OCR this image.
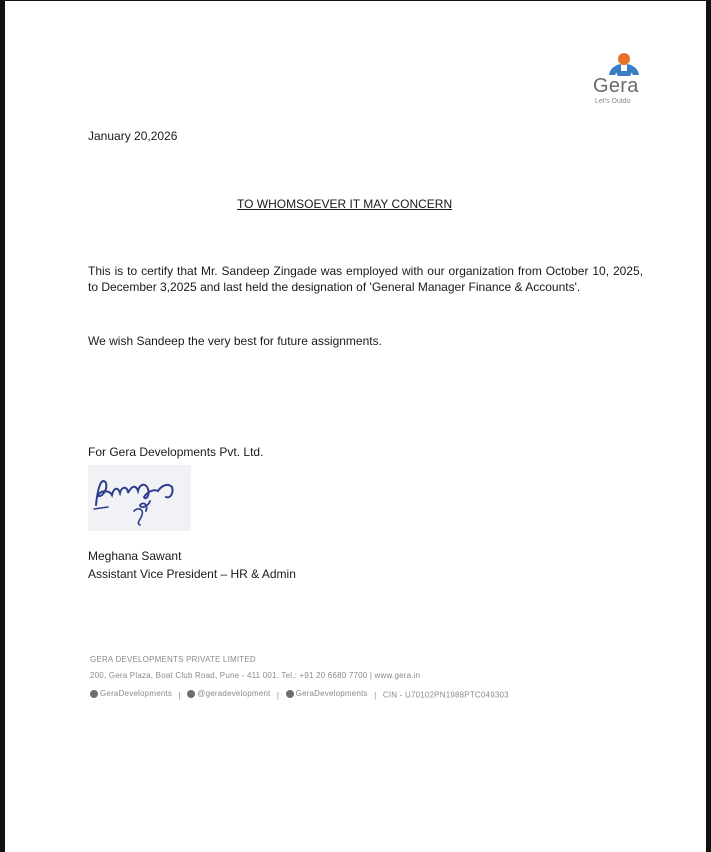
Gera
Let's Outdo
January 20,2026
TO WHOMSOEVER IT MAY CONCERN
This is to certify that Mr. Sandeep Zingade was employed with our organization from October 10, 2025, to December 3,2025 and last held the designation of 'General Manager Finance & Accounts'.
We wish Sandeep the very best for future assignments.
For Gera Developments Pvt. Ltd.
Meghana Sawant
Assistant Vice President – HR & Admin
GERA DEVELOPMENTS PRIVATE LIMITED
200, Gera Plaza, Boat Club Road, Pune - 411 001. Tel.: +91 20 6680 7700 | www.gera.in
GeraDevelopments | @geradevelopment | GeraDevelopments | CIN - U70102PN1988PTC049303
